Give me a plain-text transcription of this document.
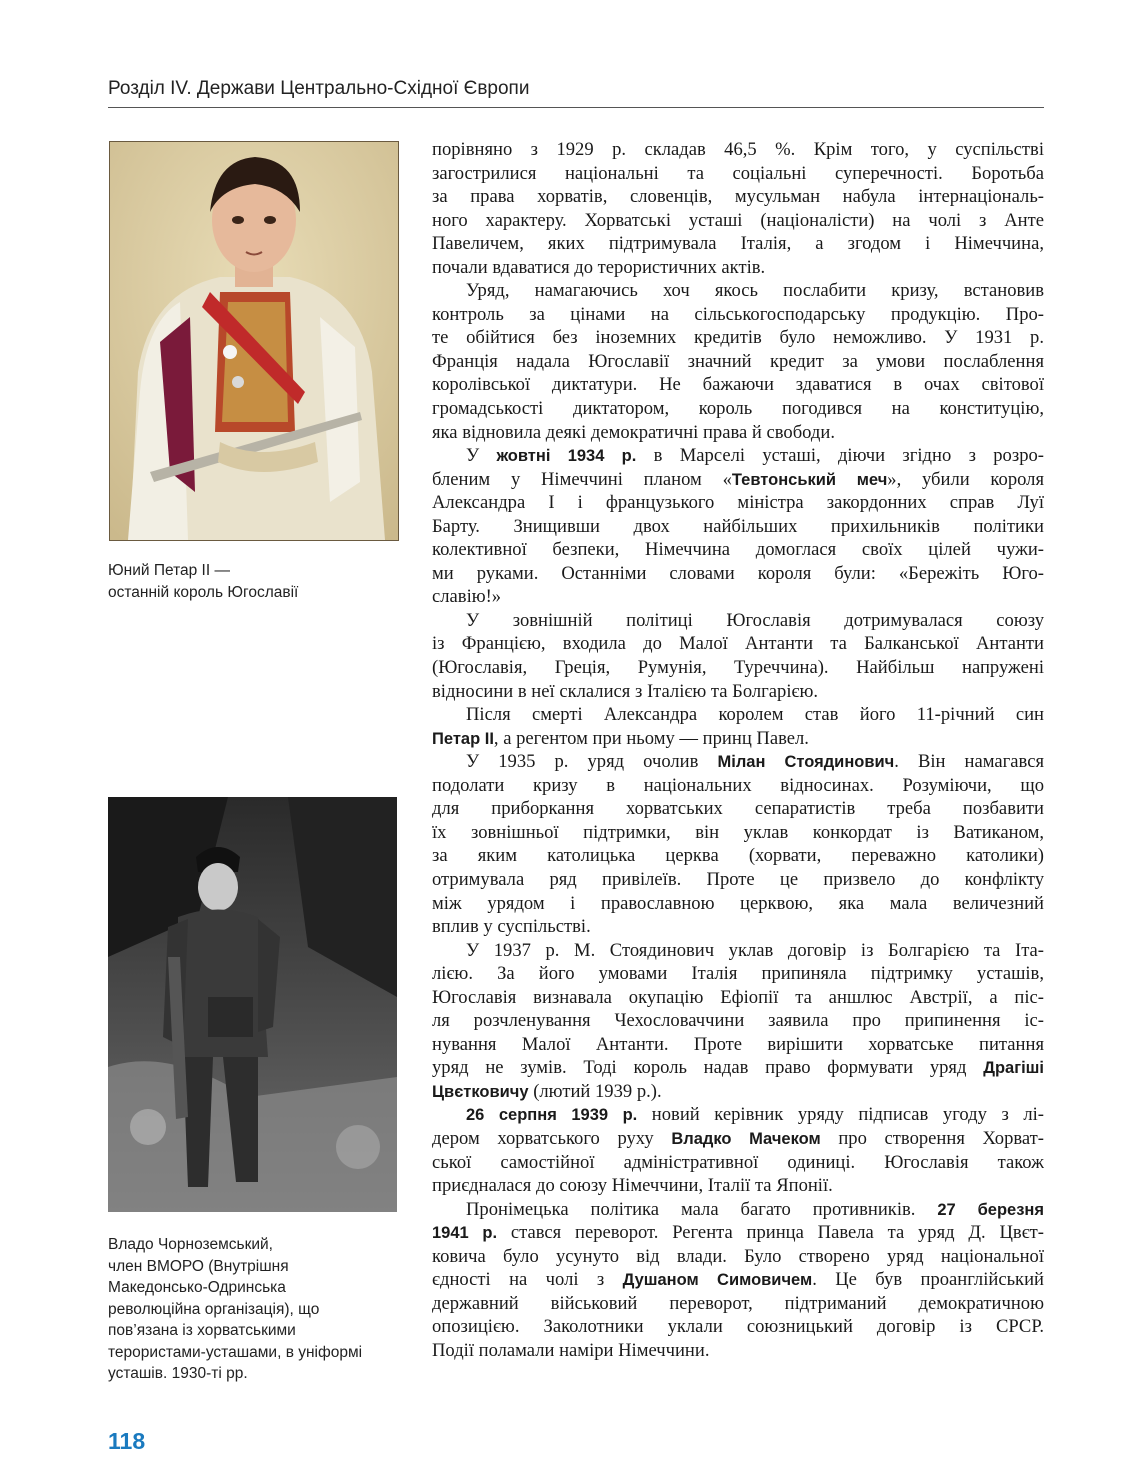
Розділ IV. Держави Центрально-Східної Європи
Юний Петар II —
останній король Югославії
Владо Чорноземський,
член ВМОРО (Внутрішня
Македонсько-Одринська
революційна організація), що
пов’язана із хорватськими
терористами-усташами, в уніформі
усташів. 1930-ті рр.
порівняно з 1929 р. складав 46,5 %. Крім того, у суспільстві
загострилися національні та соціальні суперечності. Боротьба
за права хорватів, словенців, мусульман набула інтернаціональ-
ного характеру. Хорватські усташі (націоналісти) на чолі з Анте
Павеличем, яких підтримувала Італія, а згодом і Німеччина,
почали вдаватися до терористичних актів.
Уряд, намагаючись хоч якось послабити кризу, встановив
контроль за цінами на сільськогосподарську продукцію. Про-
те обійтися без іноземних кредитів було неможливо. У 1931 р.
Франція надала Югославії значний кредит за умови послаблення
королівської диктатури. Не бажаючи здаватися в очах світової
громадськості диктатором, король погодився на конституцію,
яка відновила деякі демократичні права й свободи.
У жовтні 1934 р. в Марселі усташі, діючи згідно з розро-
бленим у Німеччині планом «Тевтонський меч», убили короля
Александра I і французького міністра закордонних справ Луї
Барту. Знищивши двох найбільших прихильників політики
колективної безпеки, Німеччина домоглася своїх цілей чужи-
ми руками. Останніми словами короля були: «Бережіть Юго-
славію!»
У зовнішній політиці Югославія дотримувалася союзу
із Францією, входила до Малої Антанти та Балканської Антанти
(Югославія, Греція, Румунія, Туреччина). Найбільш напружені
відносини в неї склалися з Італією та Болгарією.
Після смерті Александра королем став його 11-річний син
Петар II, а регентом при ньому — принц Павел.
У 1935 р. уряд очолив Мілан Стоядинович. Він намагався
подолати кризу в національних відносинах. Розуміючи, що
для приборкання хорватських сепаратистів треба позбавити
їх зовнішньої підтримки, він уклав конкордат із Ватиканом,
за яким католицька церква (хорвати, переважно католики)
отримувала ряд привілеїв. Проте це призвело до конфлікту
між урядом і православною церквою, яка мала величезний
вплив у суспільстві.
У 1937 р. М. Стоядинович уклав договір із Болгарією та Іта-
лією. За його умовами Італія припиняла підтримку усташів,
Югославія визнавала окупацію Ефіопії та аншлюс Австрії, а піс-
ля розчленування Чехословаччини заявила про припинення іс-
нування Малої Антанти. Проте вирішити хорватське питання
уряд не зумів. Тоді король надав право формувати уряд Драгіші
Цвєтковичу (лютий 1939 р.).
26 серпня 1939 р. новий керівник уряду підписав угоду з лі-
дером хорватського руху Владко Мачеком про створення Хорват-
ської самостійної адміністративної одиниці. Югославія також
приєдналася до союзу Німеччини, Італії та Японії.
Пронімецька політика мала багато противників. 27 березня
1941 р. стався переворот. Регента принца Павела та уряд Д. Цвєт-
ковича було усунуто від влади. Було створено уряд національної
єдності на чолі з Душаном Симовичем. Це був проанглійський
державний військовий переворот, підтриманий демократичною
опозицією. Заколотники уклали союзницький договір із СРСР.
Події поламали наміри Німеччини.
118
